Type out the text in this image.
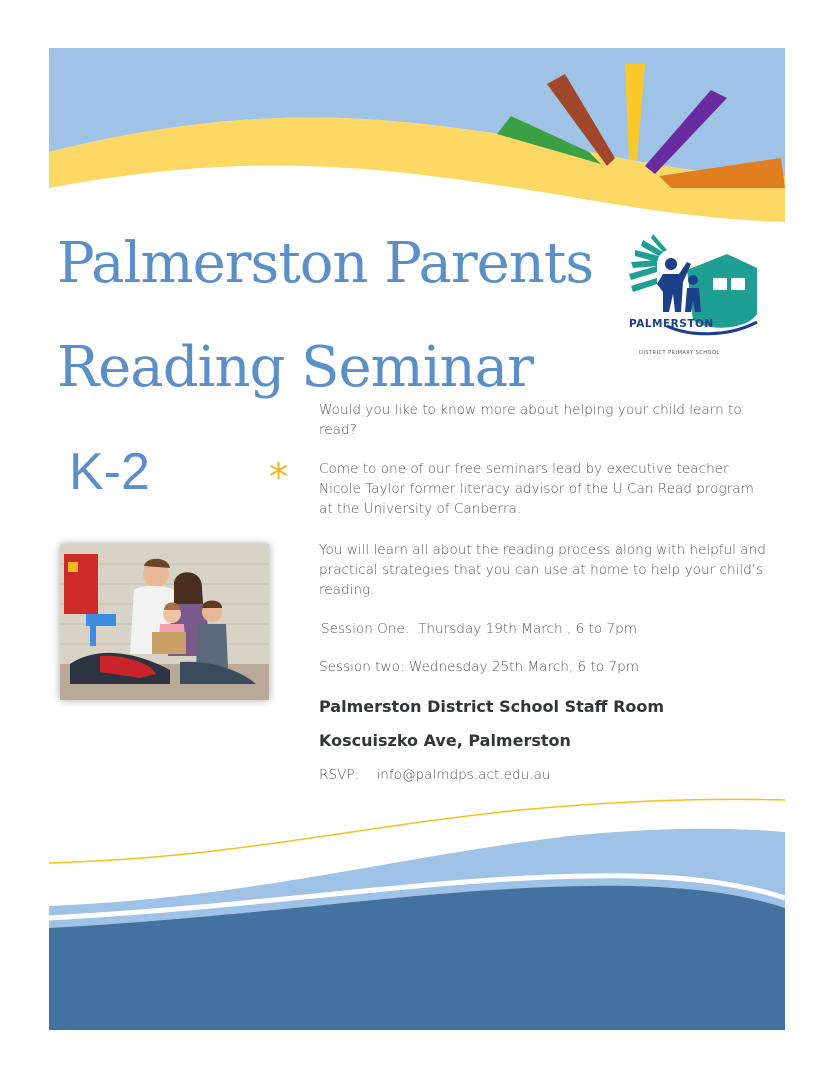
Palmerston Parents
Reading Seminar
PALMERSTON
DISTRICT PRIMARY SCHOOL
K-2	*
Would you like to know more about helping your child learn to read?
Come to one of our free seminars lead by executive teacher Nicole Taylor former literacy advisor of the U Can Read program at the University of Canberra.
You will learn all about the reading process along with helpful and practical strategies that you can use at home to help your child’s reading.
Session One:  Thursday 19th March , 6 to 7pm
Session two: Wednesday 25th March, 6 to 7pm
Palmerston District School Staff Room
Koscuiszko Ave, Palmerston
RSVP: info@palmdps.act.edu.au
